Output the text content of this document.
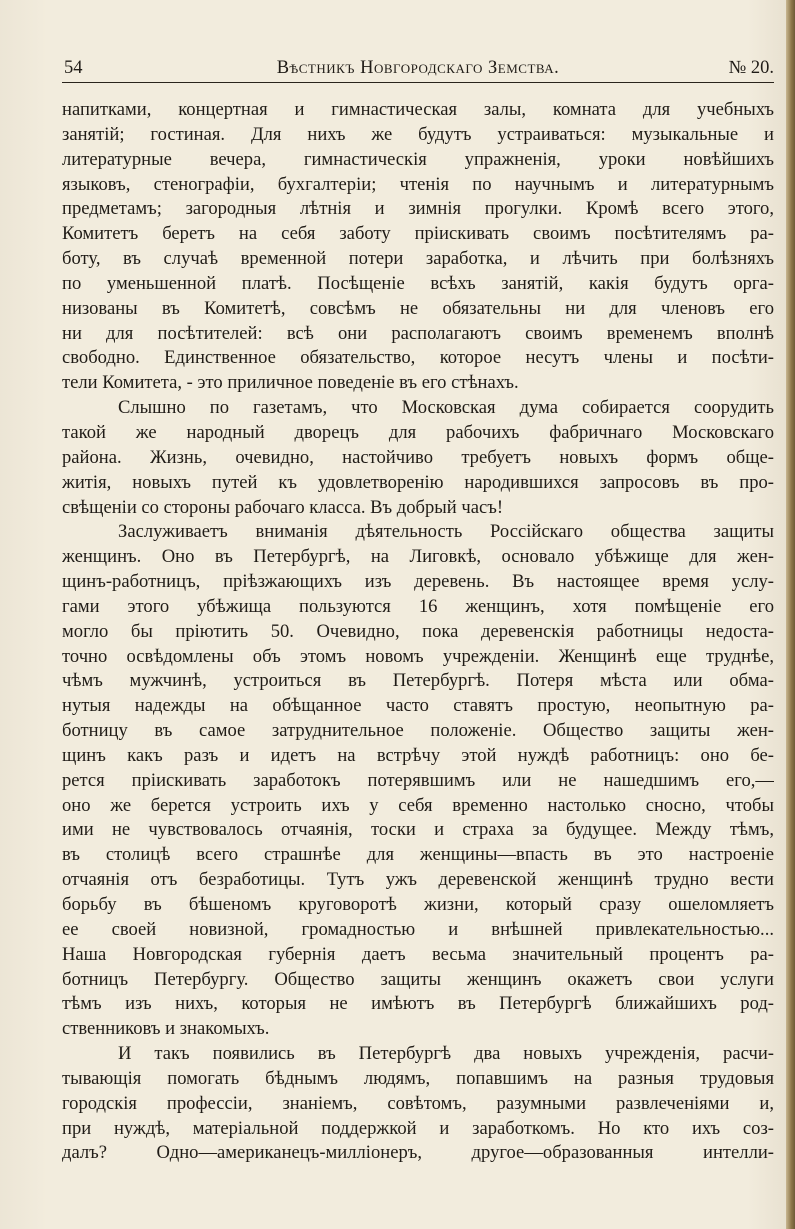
54	Вѣстникъ Новгородскаго Земства.	№ 20.
напитками, концертная и гимнастическая залы, комната для учебныхъ
занятій; гостиная. Для нихъ же будутъ устраиваться: музыкальные и
литературные вечера, гимнастическія упражненія, уроки новѣйшихъ
языковъ, стенографіи, бухгалтеріи; чтенія по научнымъ и литературнымъ
предметамъ; загородныя лѣтнія и зимнія прогулки. Кромѣ всего этого,
Комитетъ беретъ на себя заботу пріискивать своимъ посѣтителямъ ра-
боту, въ случаѣ временной потери заработка, и лѣчить при болѣзняхъ
по уменьшенной платѣ. Посѣщеніе всѣхъ занятій, какія будутъ орга-
низованы въ Комитетѣ, совсѣмъ не обязательны ни для членовъ его
ни для посѣтителей: всѣ они располагаютъ своимъ временемъ вполнѣ
свободно. Единственное обязательство, которое несутъ члены и посѣти-
тели Комитета, - это приличное поведеніе въ его стѣнахъ.
Слышно по газетамъ, что Московская дума собирается соорудить
такой же народный дворецъ для рабочихъ фабричнаго Московскаго
района. Жизнь, очевидно, настойчиво требуетъ новыхъ формъ обще-
житія, новыхъ путей къ удовлетворенію народившихся запросовъ въ про-
свѣщеніи со стороны рабочаго класса. Въ добрый часъ!
Заслуживаетъ вниманія дѣятельность Россійскаго общества защиты
женщинъ. Оно въ Петербургѣ, на Лиговкѣ, основало убѣжище для жен-
щинъ-работницъ, пріѣзжающихъ изъ деревень. Въ настоящее время услу-
гами этого убѣжища пользуются 16 женщинъ, хотя помѣщеніе его
могло бы пріютить 50. Очевидно, пока деревенскія работницы недоста-
точно освѣдомлены объ этомъ новомъ учрежденіи. Женщинѣ еще труднѣе,
чѣмъ мужчинѣ, устроиться въ Петербургѣ. Потеря мѣста или обма-
нутыя надежды на обѣщанное часто ставятъ простую, неопытную ра-
ботницу въ самое затруднительное положеніе. Общество защиты жен-
щинъ какъ разъ и идетъ на встрѣчу этой нуждѣ работницъ: оно бе-
рется пріискивать заработокъ потерявшимъ или не нашедшимъ его,—
оно же берется устроить ихъ у себя временно настолько сносно, чтобы
ими не чувствовалось отчаянія, тоски и страха за будущее. Между тѣмъ,
въ столицѣ всего страшнѣе для женщины—впасть въ это настроеніе
отчаянія отъ безработицы. Тутъ ужъ деревенской женщинѣ трудно вести
борьбу въ бѣшеномъ круговоротѣ жизни, который сразу ошеломляетъ
ее своей новизной, громадностью и внѣшней привлекательностью...
Наша Новгородская губернія даетъ весьма значительный процентъ ра-
ботницъ Петербургу. Общество защиты женщинъ окажетъ свои услуги
тѣмъ изъ нихъ, которыя не имѣютъ въ Петербургѣ ближайшихъ род-
ственниковъ и знакомыхъ.
И такъ появились въ Петербургѣ два новыхъ учрежденія, расчи-
тывающія помогать бѣднымъ людямъ, попавшимъ на разныя трудовыя
городскія профессіи, знаніемъ, совѣтомъ, разумными развлеченіями и,
при нуждѣ, матеріальной поддержкой и заработкомъ. Но кто ихъ соз-
далъ? Одно—американецъ-миллiонеръ, другое—образованныя интелли-
